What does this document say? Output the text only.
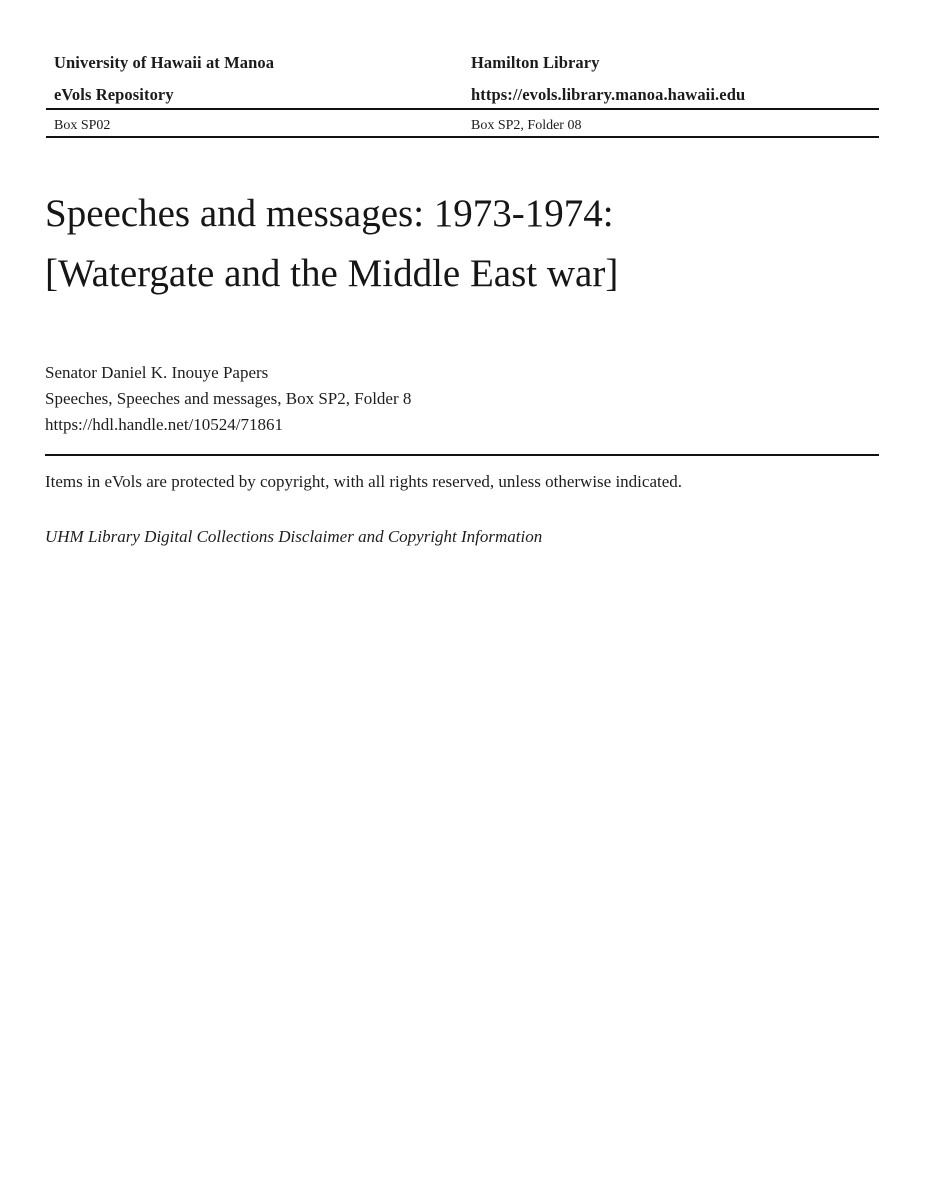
University of Hawaii at Manoa	Hamilton Library
eVols Repository	https://evols.library.manoa.hawaii.edu
Box SP02	Box SP2, Folder 08
Speeches and messages: 1973-1974:
[Watergate and the Middle East war]
Senator Daniel K. Inouye Papers
Speeches, Speeches and messages, Box SP2, Folder 8
https://hdl.handle.net/10524/71861
Items in eVols are protected by copyright, with all rights reserved, unless otherwise indicated.
UHM Library Digital Collections Disclaimer and Copyright Information
